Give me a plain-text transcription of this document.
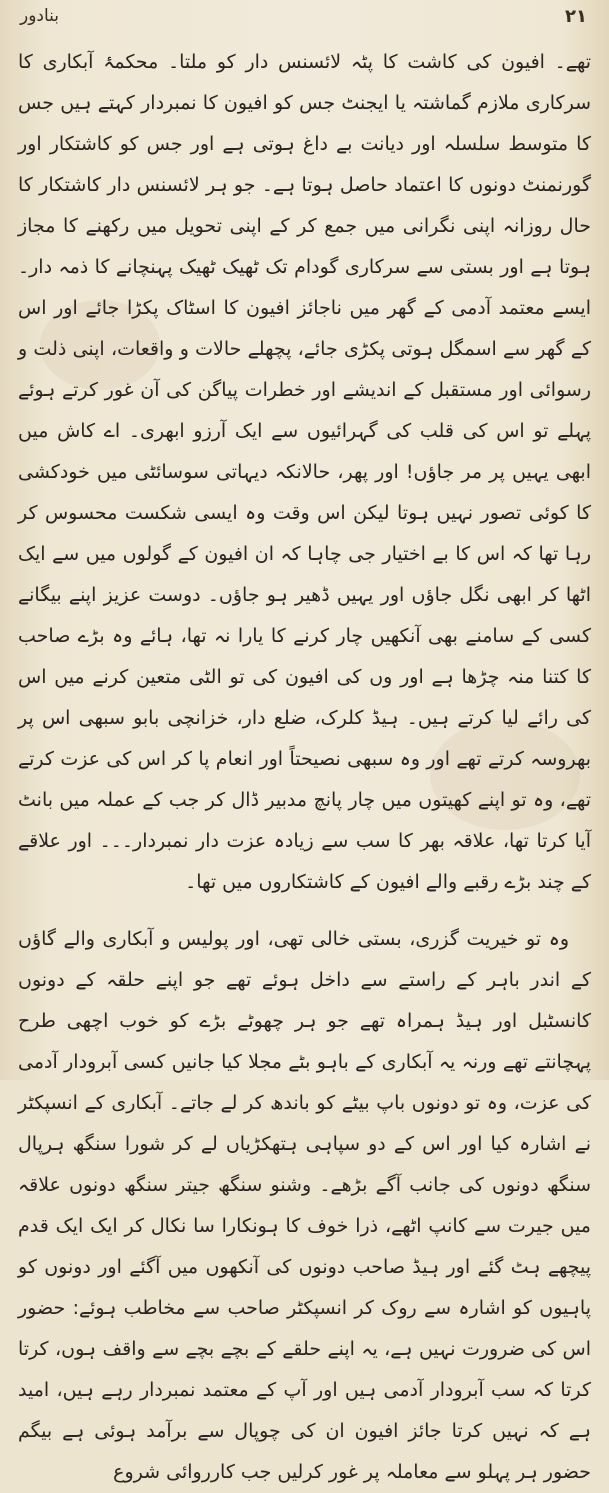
بنادور	۲۱

تھے۔ افیون کی کاشت کا پٹہ لائسنس دار کو ملتا۔ محکمۂ آبکاری کا سرکاری ملازم گماشتہ یا ایجنٹ جس کو افیون کا نمبردار کہتے ہیں جس کا متوسط سلسلہ اور دیانت بے داغ ہوتی ہے اور جس کو کاشتکار اور گورنمنٹ دونوں کا اعتماد حاصل ہوتا ہے۔ جو ہر لائسنس دار کاشتکار کا حال روزانہ اپنی نگرانی میں جمع کر کے اپنی تحویل میں رکھنے کا مجاز ہوتا ہے اور بستی سے سرکاری گودام تک ٹھیک ٹھیک پہنچانے کا ذمہ دار۔ ایسے معتمد آدمی کے گھر میں ناجائز افیون کا اسٹاک پکڑا جائے اور اس کے گھر سے اسمگل ہوتی پکڑی جائے، پچھلے حالات و واقعات، اپنی ذلت و رسوائی اور مستقبل کے اندیشے اور خطرات پیاگن کی آن غور کرتے ہوئے پہلے تو اس کی قلب کی گہرائیوں سے ایک آرزو ابھری۔ اے کاش میں ابھی یہیں پر مر جاؤں! اور پھر، حالانکہ دیہاتی سوسائٹی میں خودکشی کا کوئی تصور نہیں ہوتا لیکن اس وقت وہ ایسی شکست محسوس کر رہا تھا کہ اس کا بے اختیار جی چاہا کہ ان افیون کے گولوں میں سے ایک اٹھا کر ابھی نگل جاؤں اور یہیں ڈھیر ہو جاؤں۔ دوست عزیز اپنے بیگانے کسی کے سامنے بھی آنکھیں چار کرنے کا یارا نہ تھا، ہائے وہ بڑے صاحب کا کتنا منہ چڑھا ہے اور وں کی افیون کی تو الٹی متعین کرنے میں اس کی رائے لیا کرتے ہیں۔ ہیڈ کلرک، ضلع دار، خزانچی بابو سبھی اس پر بھروسہ کرتے تھے اور وہ سبھی نصیحتاً اور انعام پا کر اس کی عزت کرتے تھے، وہ تو اپنے کھیتوں میں چار پانچ مدبیر ڈال کر جب کے عملہ میں بانٹ آیا کرتا تھا، علاقہ بھر کا سب سے زیادہ عزت دار نمبردار۔۔۔ اور علاقے کے چند بڑے رقبے والے افیون کے کاشتکاروں میں تھا۔

وہ تو خیریت گزری، بستی خالی تھی، اور پولیس و آبکاری والے گاؤں کے اندر باہر کے راستے سے داخل ہوئے تھے جو اپنے حلقہ کے دونوں کانسٹبل اور ہیڈ ہمراہ تھے جو ہر چھوٹے بڑے کو خوب اچھی طرح پہچانتے تھے ورنہ یہ آبکاری کے باہو بٹے مجلا کیا جانیں کسی آبرودار آدمی کی عزت، وہ تو دونوں باپ بیٹے کو باندھ کر لے جاتے۔ آبکاری کے انسپکٹر نے اشارہ کیا اور اس کے دو سپاہی ہتھکڑیاں لے کر شورا سنگھ ہرپال سنگھ دونوں کی جانب آگے بڑھے۔ وشنو سنگھ جیتر سنگھ دونوں علاقہ میں جیرت سے کانپ اٹھے، ذرا خوف کا ہونکارا سا نکال کر ایک ایک قدم پیچھے ہٹ گئے اور ہیڈ صاحب دونوں کی آنکھوں میں آگئے اور دونوں کو پاہیوں کو اشارہ سے روک کر انسپکٹر صاحب سے مخاطب ہوئے: حضور اس کی ضرورت نہیں ہے، یہ اپنے حلقے کے بچے بچے سے واقف ہوں، کرتا کرتا کہ سب آبرودار آدمی ہیں اور آپ کے معتمد نمبردار رہے ہیں، امید ہے کہ نہیں کرتا جائز افیون ان کی چوپال سے برآمد ہوئی ہے بیگم حضور ہر پہلو سے معاملہ پر غور کرلیں جب کارروائی شروع
